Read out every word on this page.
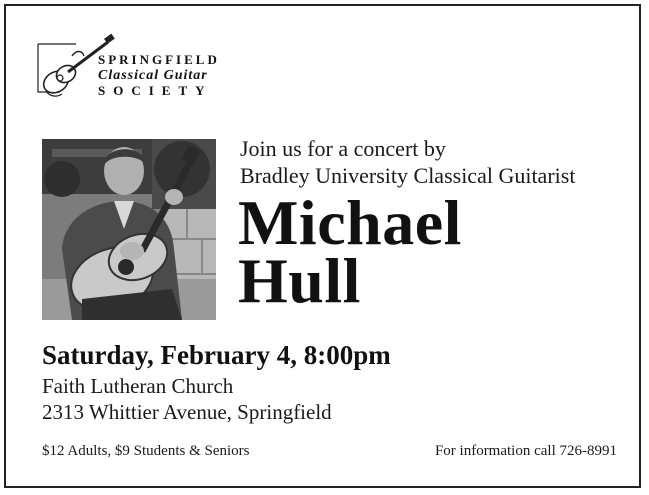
SPRINGFIELD
Classical Guitar
SOCIETY
Join us for a concert by
Bradley University Classical Guitarist
Michael
Hull
Saturday, February 4, 8:00pm
Faith Lutheran Church
2313 Whittier Avenue, Springfield
$12 Adults, $9 Students & Seniors	For information call 726-8991
